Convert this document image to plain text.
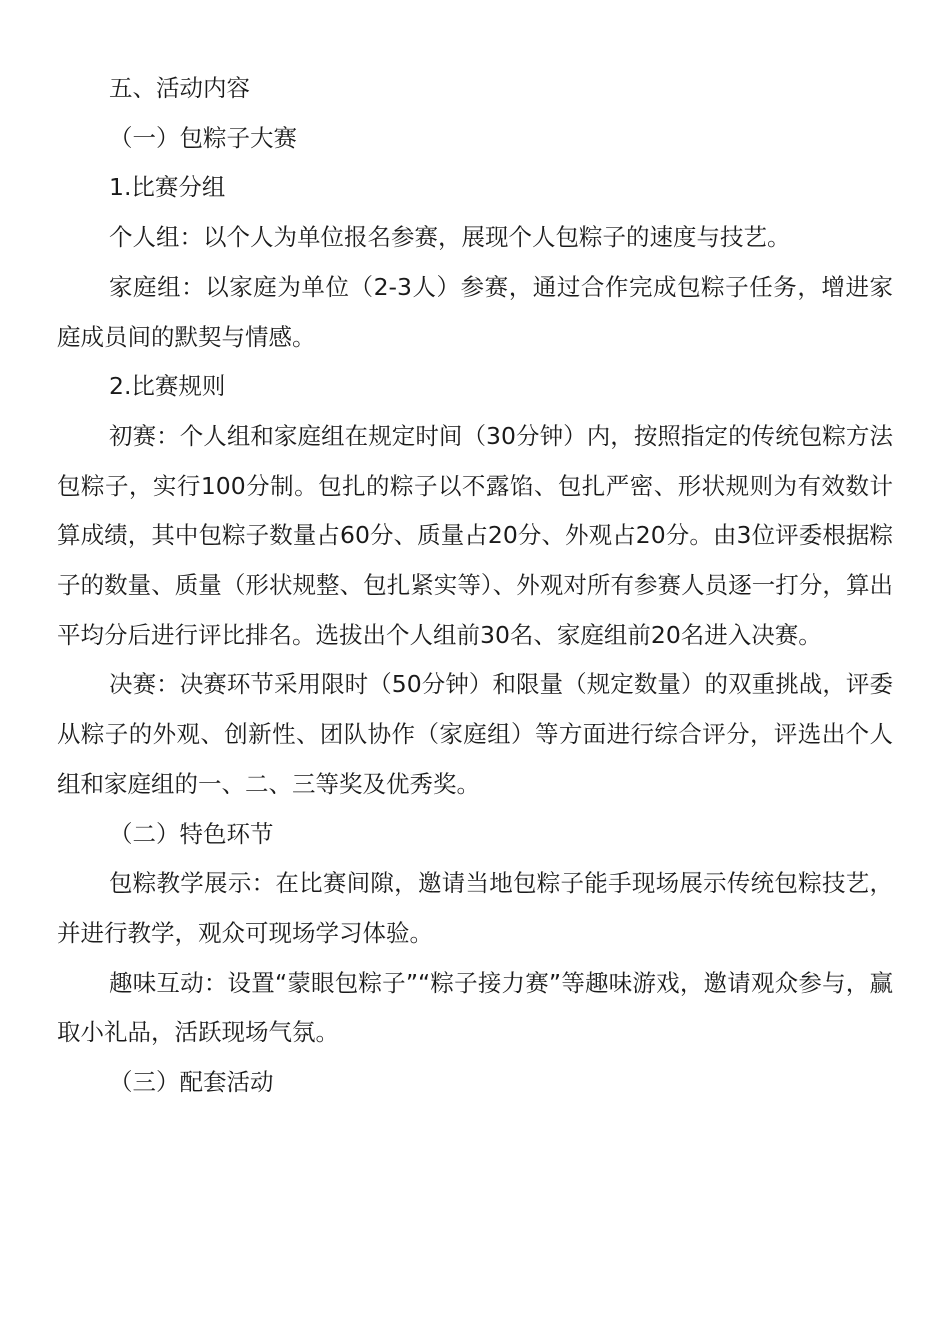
五、活动内容

（一）包粽子大赛

1.比赛分组

个人组：以个人为单位报名参赛，展现个人包粽子的速度与技艺。

家庭组：以家庭为单位（2-3人）参赛，通过合作完成包粽子任务，增进家庭成员间的默契与情感。

2.比赛规则

初赛：个人组和家庭组在规定时间（30分钟）内，按照指定的传统包粽方法包粽子，实行100分制。包扎的粽子以不露馅、包扎严密、形状规则为有效数计算成绩，其中包粽子数量占60分、质量占20分、外观占20分。由3位评委根据粽子的数量、质量（形状规整、包扎紧实等）、外观对所有参赛人员逐一打分，算出平均分后进行评比排名。选拔出个人组前30名、家庭组前20名进入决赛。

决赛：决赛环节采用限时（50分钟）和限量（规定数量）的双重挑战，评委从粽子的外观、创新性、团队协作（家庭组）等方面进行综合评分，评选出个人组和家庭组的一、二、三等奖及优秀奖。

（二）特色环节

包粽教学展示：在比赛间隙，邀请当地包粽子能手现场展示传统包粽技艺，并进行教学，观众可现场学习体验。

趣味互动：设置“蒙眼包粽子”“粽子接力赛”等趣味游戏，邀请观众参与，赢取小礼品，活跃现场气氛。

（三）配套活动
